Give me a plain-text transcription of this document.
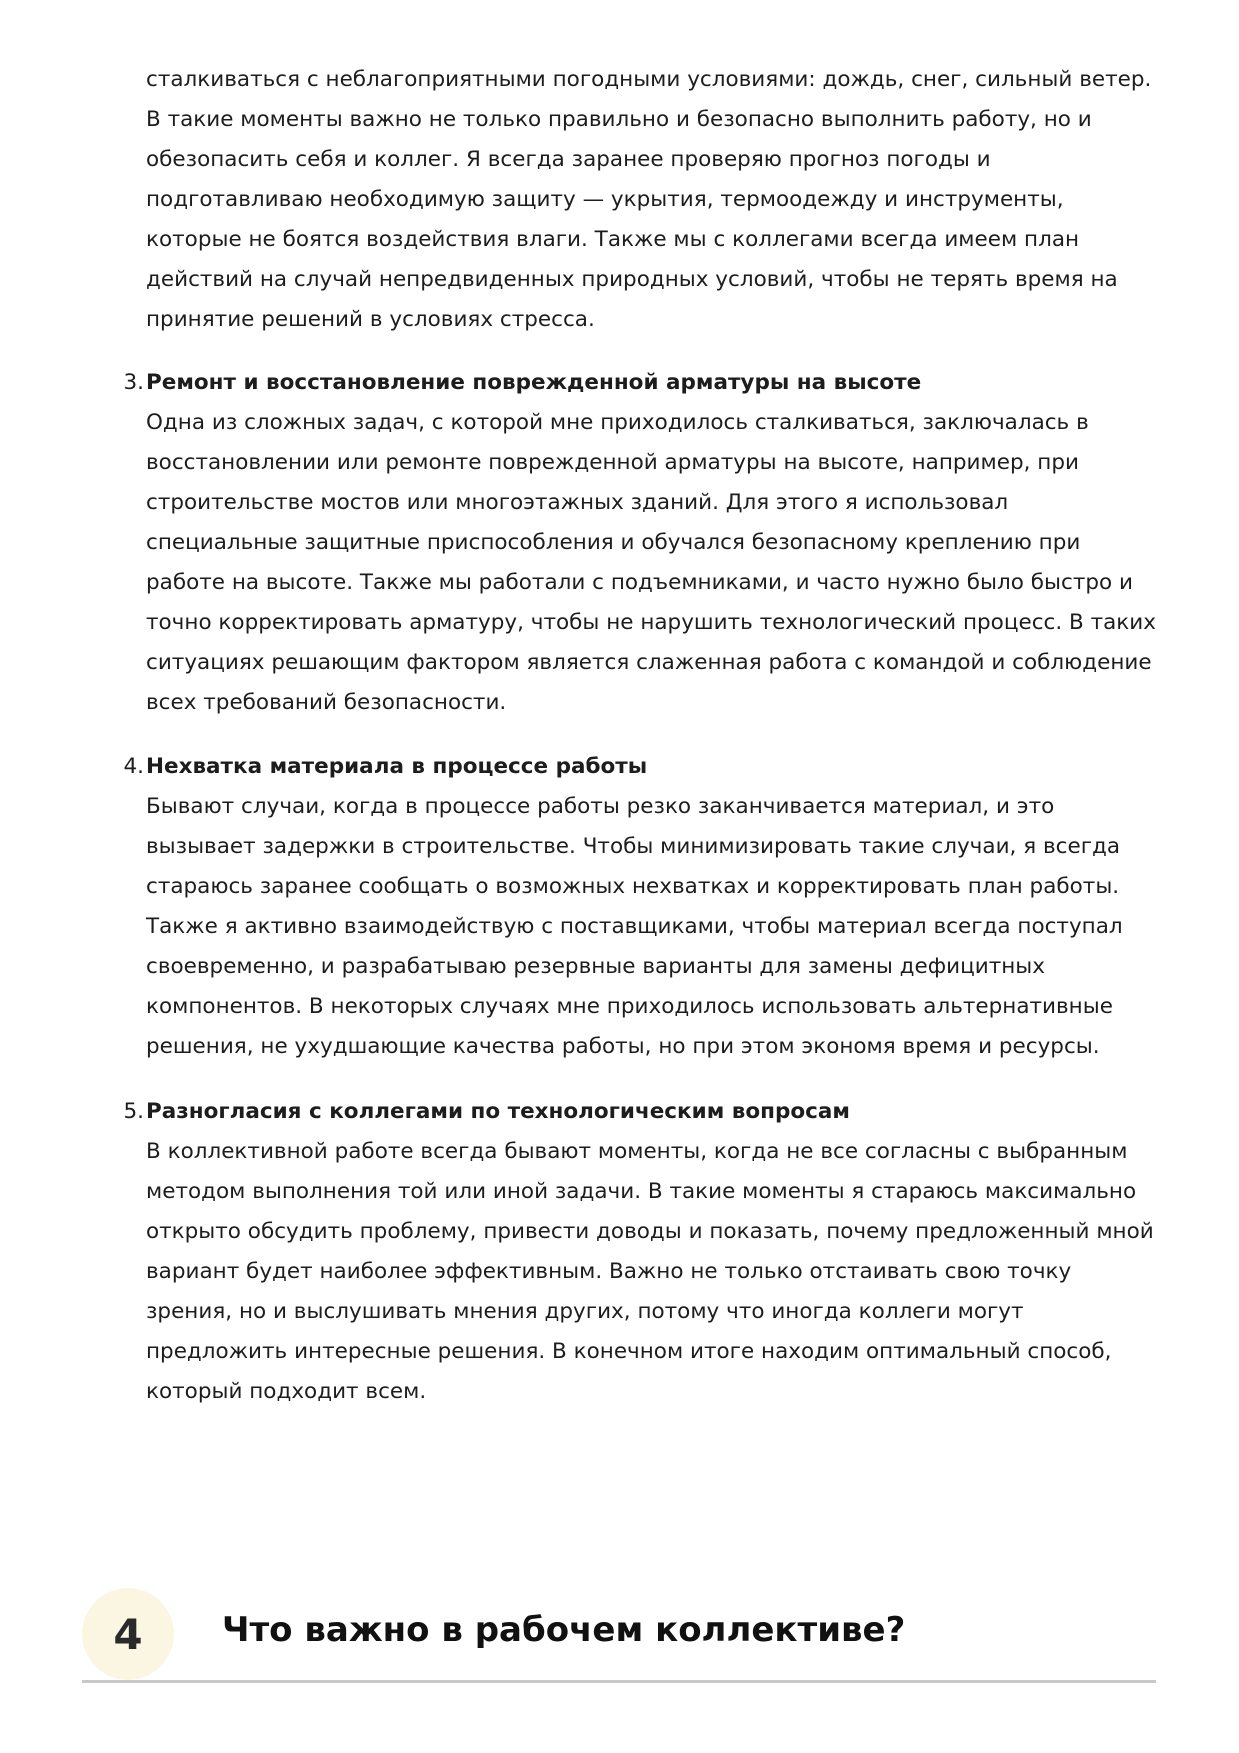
сталкиваться с неблагоприятными погодными условиями: дождь, снег, сильный ветер. В такие моменты важно не только правильно и безопасно выполнить работу, но и обезопасить себя и коллег. Я всегда заранее проверяю прогноз погоды и подготавливаю необходимую защиту — укрытия, термоодежду и инструменты, которые не боятся воздействия влаги. Также мы с коллегами всегда имеем план действий на случай непредвиденных природных условий, чтобы не терять время на принятие решений в условиях стресса.

3. Ремонт и восстановление поврежденной арматуры на высоте
Одна из сложных задач, с которой мне приходилось сталкиваться, заключалась в восстановлении или ремонте поврежденной арматуры на высоте, например, при строительстве мостов или многоэтажных зданий. Для этого я использовал специальные защитные приспособления и обучался безопасному креплению при работе на высоте. Также мы работали с подъемниками, и часто нужно было быстро и точно корректировать арматуру, чтобы не нарушить технологический процесс. В таких ситуациях решающим фактором является слаженная работа с командой и соблюдение всех требований безопасности.
4. Нехватка материала в процессе работы
Бывают случаи, когда в процессе работы резко заканчивается материал, и это вызывает задержки в строительстве. Чтобы минимизировать такие случаи, я всегда стараюсь заранее сообщать о возможных нехватках и корректировать план работы. Также я активно взаимодействую с поставщиками, чтобы материал всегда поступал своевременно, и разрабатываю резервные варианты для замены дефицитных компонентов. В некоторых случаях мне приходилось использовать альтернативные решения, не ухудшающие качества работы, но при этом экономя время и ресурсы.
5. Разногласия с коллегами по технологическим вопросам
В коллективной работе всегда бывают моменты, когда не все согласны с выбранным методом выполнения той или иной задачи. В такие моменты я стараюсь максимально открыто обсудить проблему, привести доводы и показать, почему предложенный мной вариант будет наиболее эффективным. Важно не только отстаивать свою точку зрения, но и выслушивать мнения других, потому что иногда коллеги могут предложить интересные решения. В конечном итоге находим оптимальный способ, который подходит всем.
4	Что важно в рабочем коллективе?
